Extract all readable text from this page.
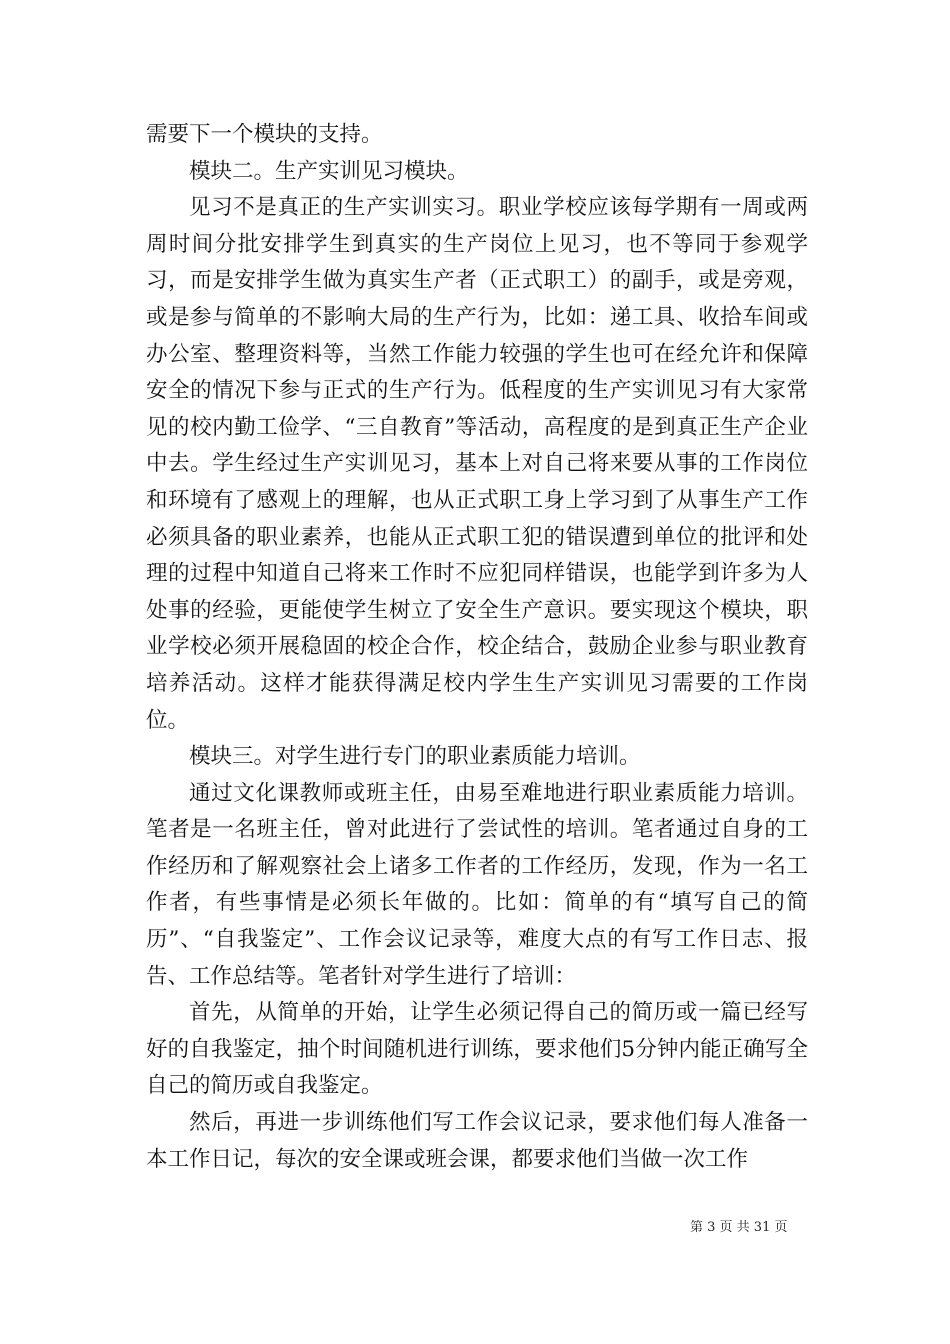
需要下一个模块的支持。

模块二。生产实训见习模块。

见习不是真正的生产实训实习。职业学校应该每学期有一周或两周时间分批安排学生到真实的生产岗位上见习，也不等同于参观学习，而是安排学生做为真实生产者（正式职工）的副手，或是旁观，或是参与简单的不影响大局的生产行为，比如：递工具、收拾车间或办公室、整理资料等，当然工作能力较强的学生也可在经允许和保障安全的情况下参与正式的生产行为。低程度的生产实训见习有大家常见的校内勤工俭学、“三自教育”等活动，高程度的是到真正生产企业中去。学生经过生产实训见习，基本上对自己将来要从事的工作岗位和环境有了感观上的理解，也从正式职工身上学习到了从事生产工作必须具备的职业素养，也能从正式职工犯的错误遭到单位的批评和处理的过程中知道自己将来工作时不应犯同样错误，也能学到许多为人处事的经验，更能使学生树立了安全生产意识。要实现这个模块，职业学校必须开展稳固的校企合作，校企结合，鼓励企业参与职业教育培养活动。这样才能获得满足校内学生生产实训见习需要的工作岗位。

模块三。对学生进行专门的职业素质能力培训。

通过文化课教师或班主任，由易至难地进行职业素质能力培训。笔者是一名班主任，曾对此进行了尝试性的培训。笔者通过自身的工作经历和了解观察社会上诸多工作者的工作经历，发现，作为一名工作者，有些事情是必须长年做的。比如：简单的有“填写自己的简历”、“自我鉴定”、工作会议记录等，难度大点的有写工作日志、报告、工作总结等。笔者针对学生进行了培训：

首先，从简单的开始，让学生必须记得自己的简历或一篇已经写好的自我鉴定，抽个时间随机进行训练，要求他们5分钟内能正确写全自己的简历或自我鉴定。

然后，再进一步训练他们写工作会议记录，要求他们每人准备一本工作日记，每次的安全课或班会课，都要求他们当做一次工作

第 3 页 共 31 页
